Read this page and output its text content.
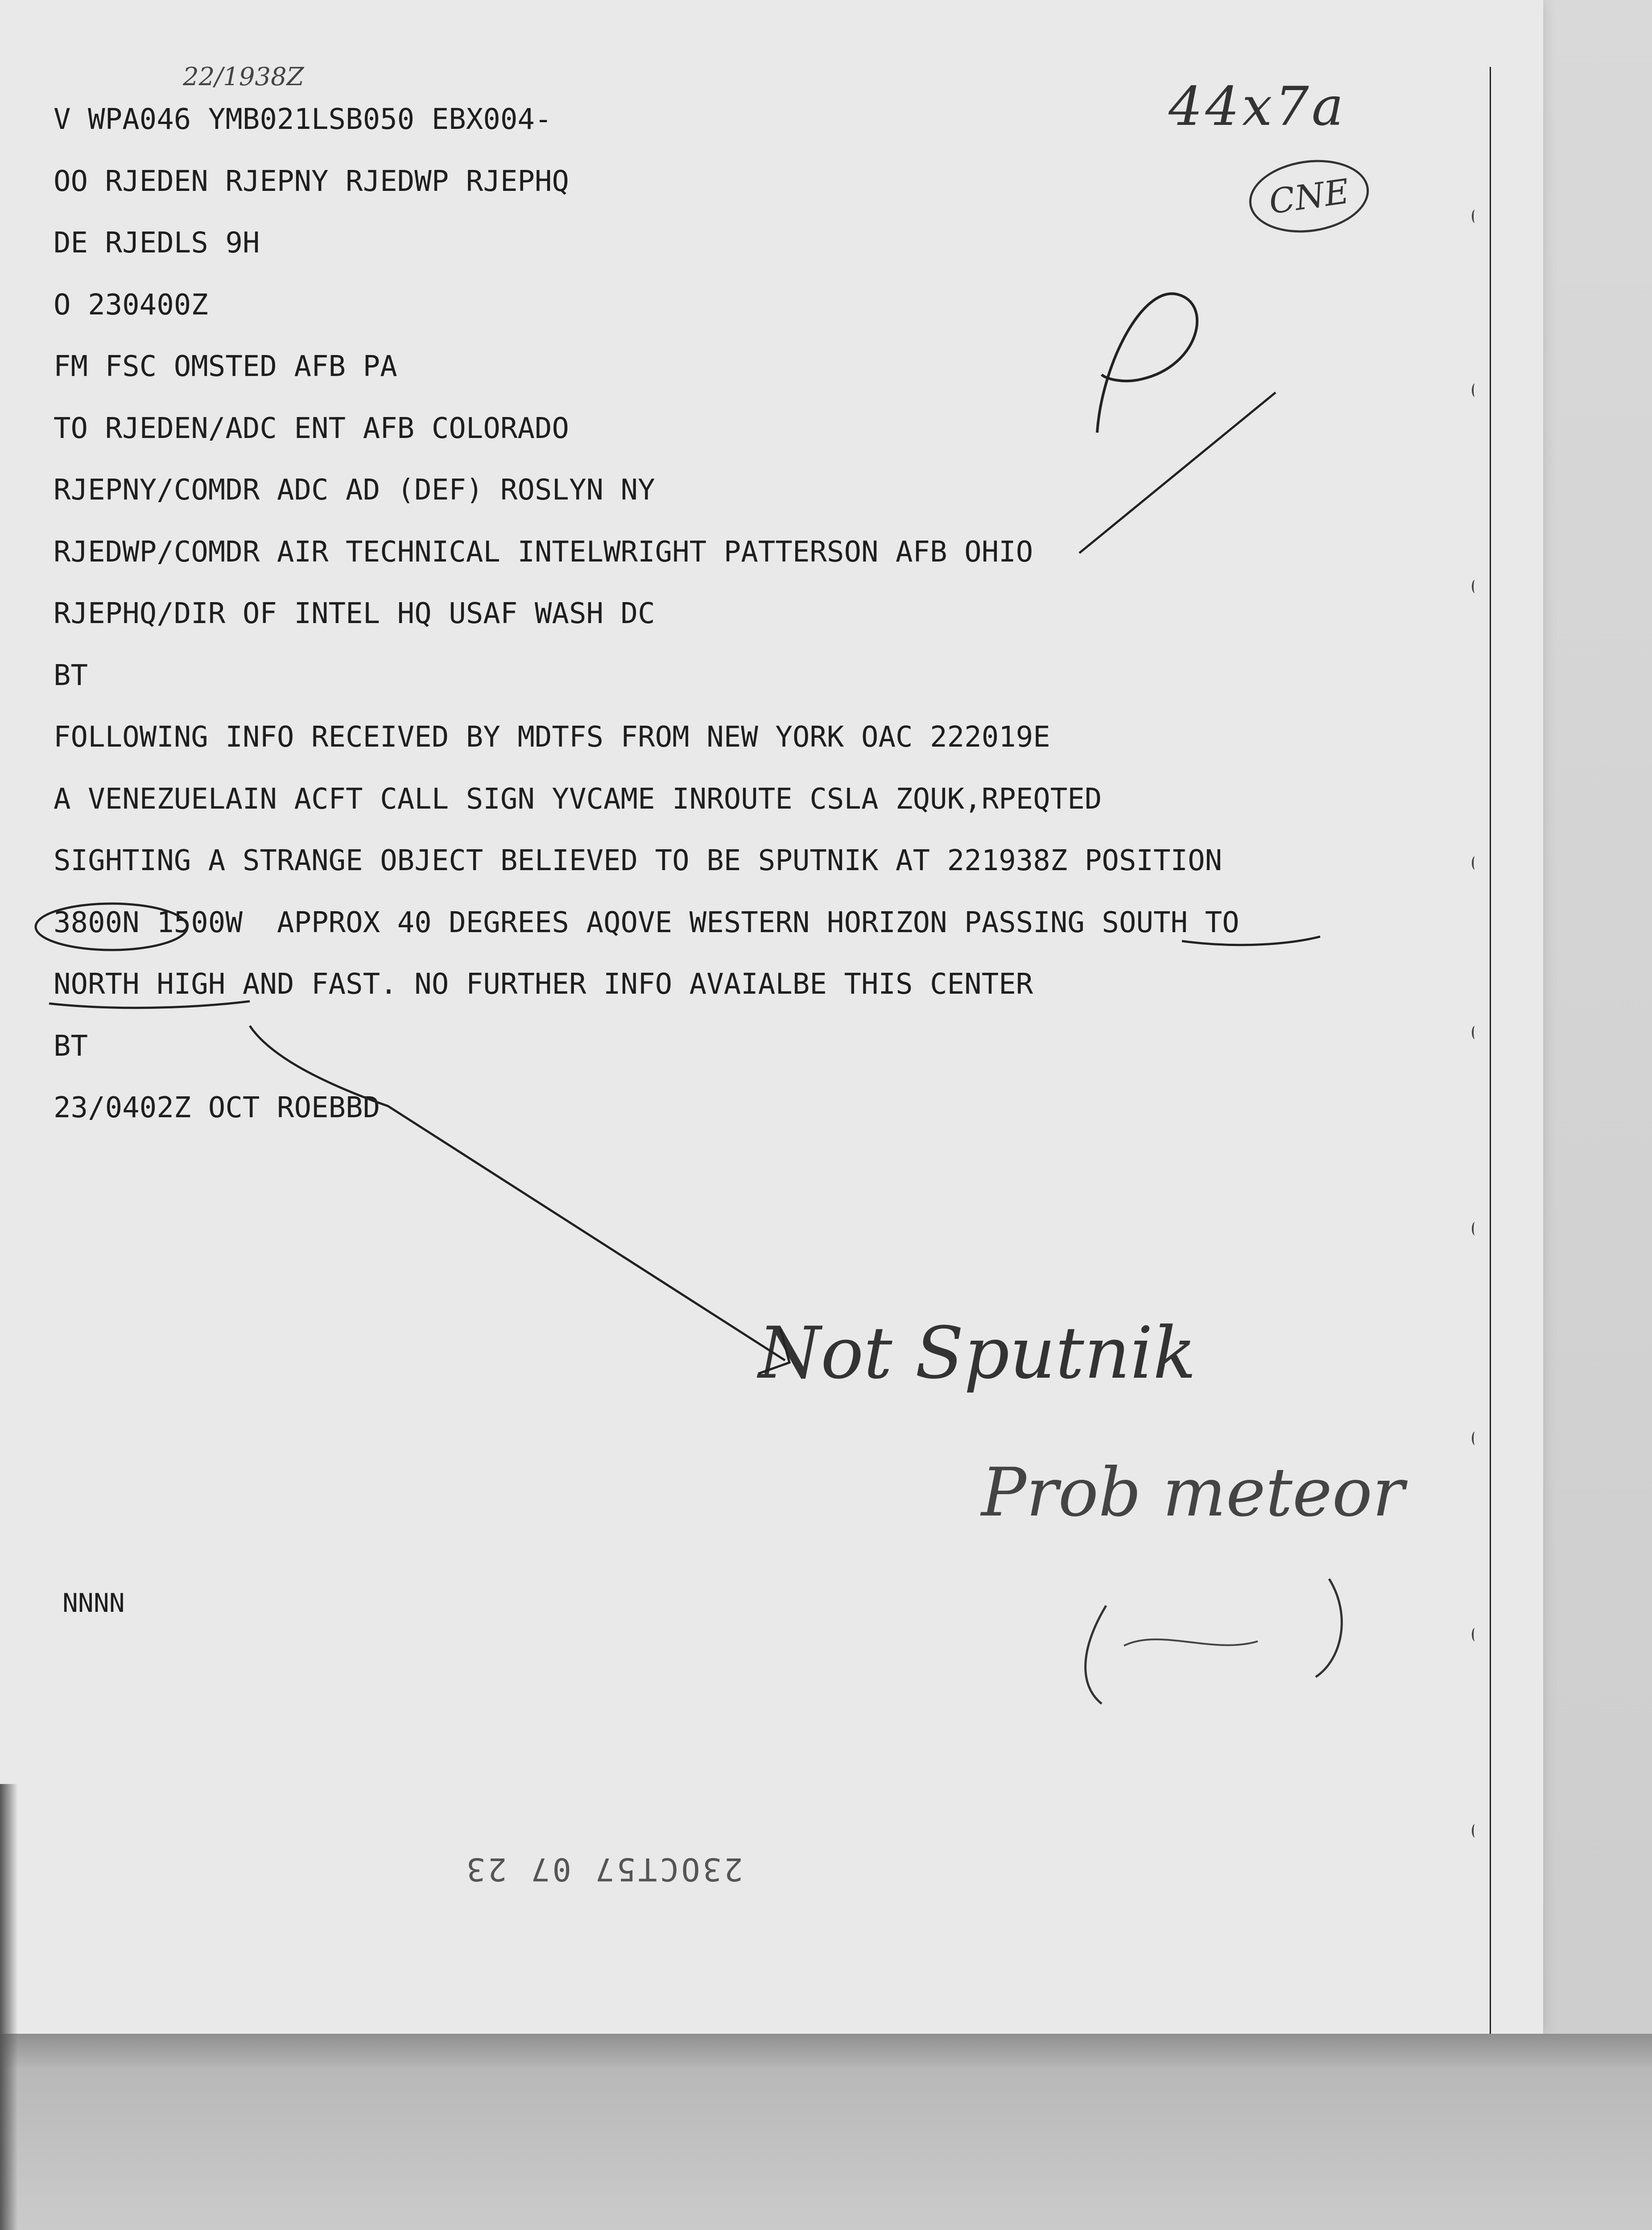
V WPA046 YMB021LSB050 EBX004-
OO RJEDEN RJEPNY RJEDWP RJEPHQ
DE RJEDLS 9H
O 230400Z
FM FSC OMSTED AFB PA
TO RJEDEN/ADC ENT AFB COLORADO
RJEPNY/COMDR ADC AD (DEF) ROSLYN NY
RJEDWP/COMDR AIR TECHNICAL INTELWRIGHT PATTERSON AFB OHIO
RJEPHQ/DIR OF INTEL HQ USAF WASH DC
BT
FOLLOWING INFO RECEIVED BY MDTFS FROM NEW YORK OAC 222019E
A VENEZUELAIN ACFT CALL SIGN YVCAME INROUTE CSLA ZQUK,RPEQTED
SIGHTING A STRANGE OBJECT BELIEVED TO BE SPUTNIK AT 221938Z POSITION
3800N 1500W  APPROX 40 DEGREES AQOVE WESTERN HORIZON PASSING SOUTH TO
NORTH HIGH AND FAST. NO FURTHER INFO AVAIALBE THIS CENTER
BT
23/0402Z OCT ROEBBD
NNNN
22/1938Z	44x7a
CNE
Not Sputnik
Prob meteor
23OCT57 07 23
